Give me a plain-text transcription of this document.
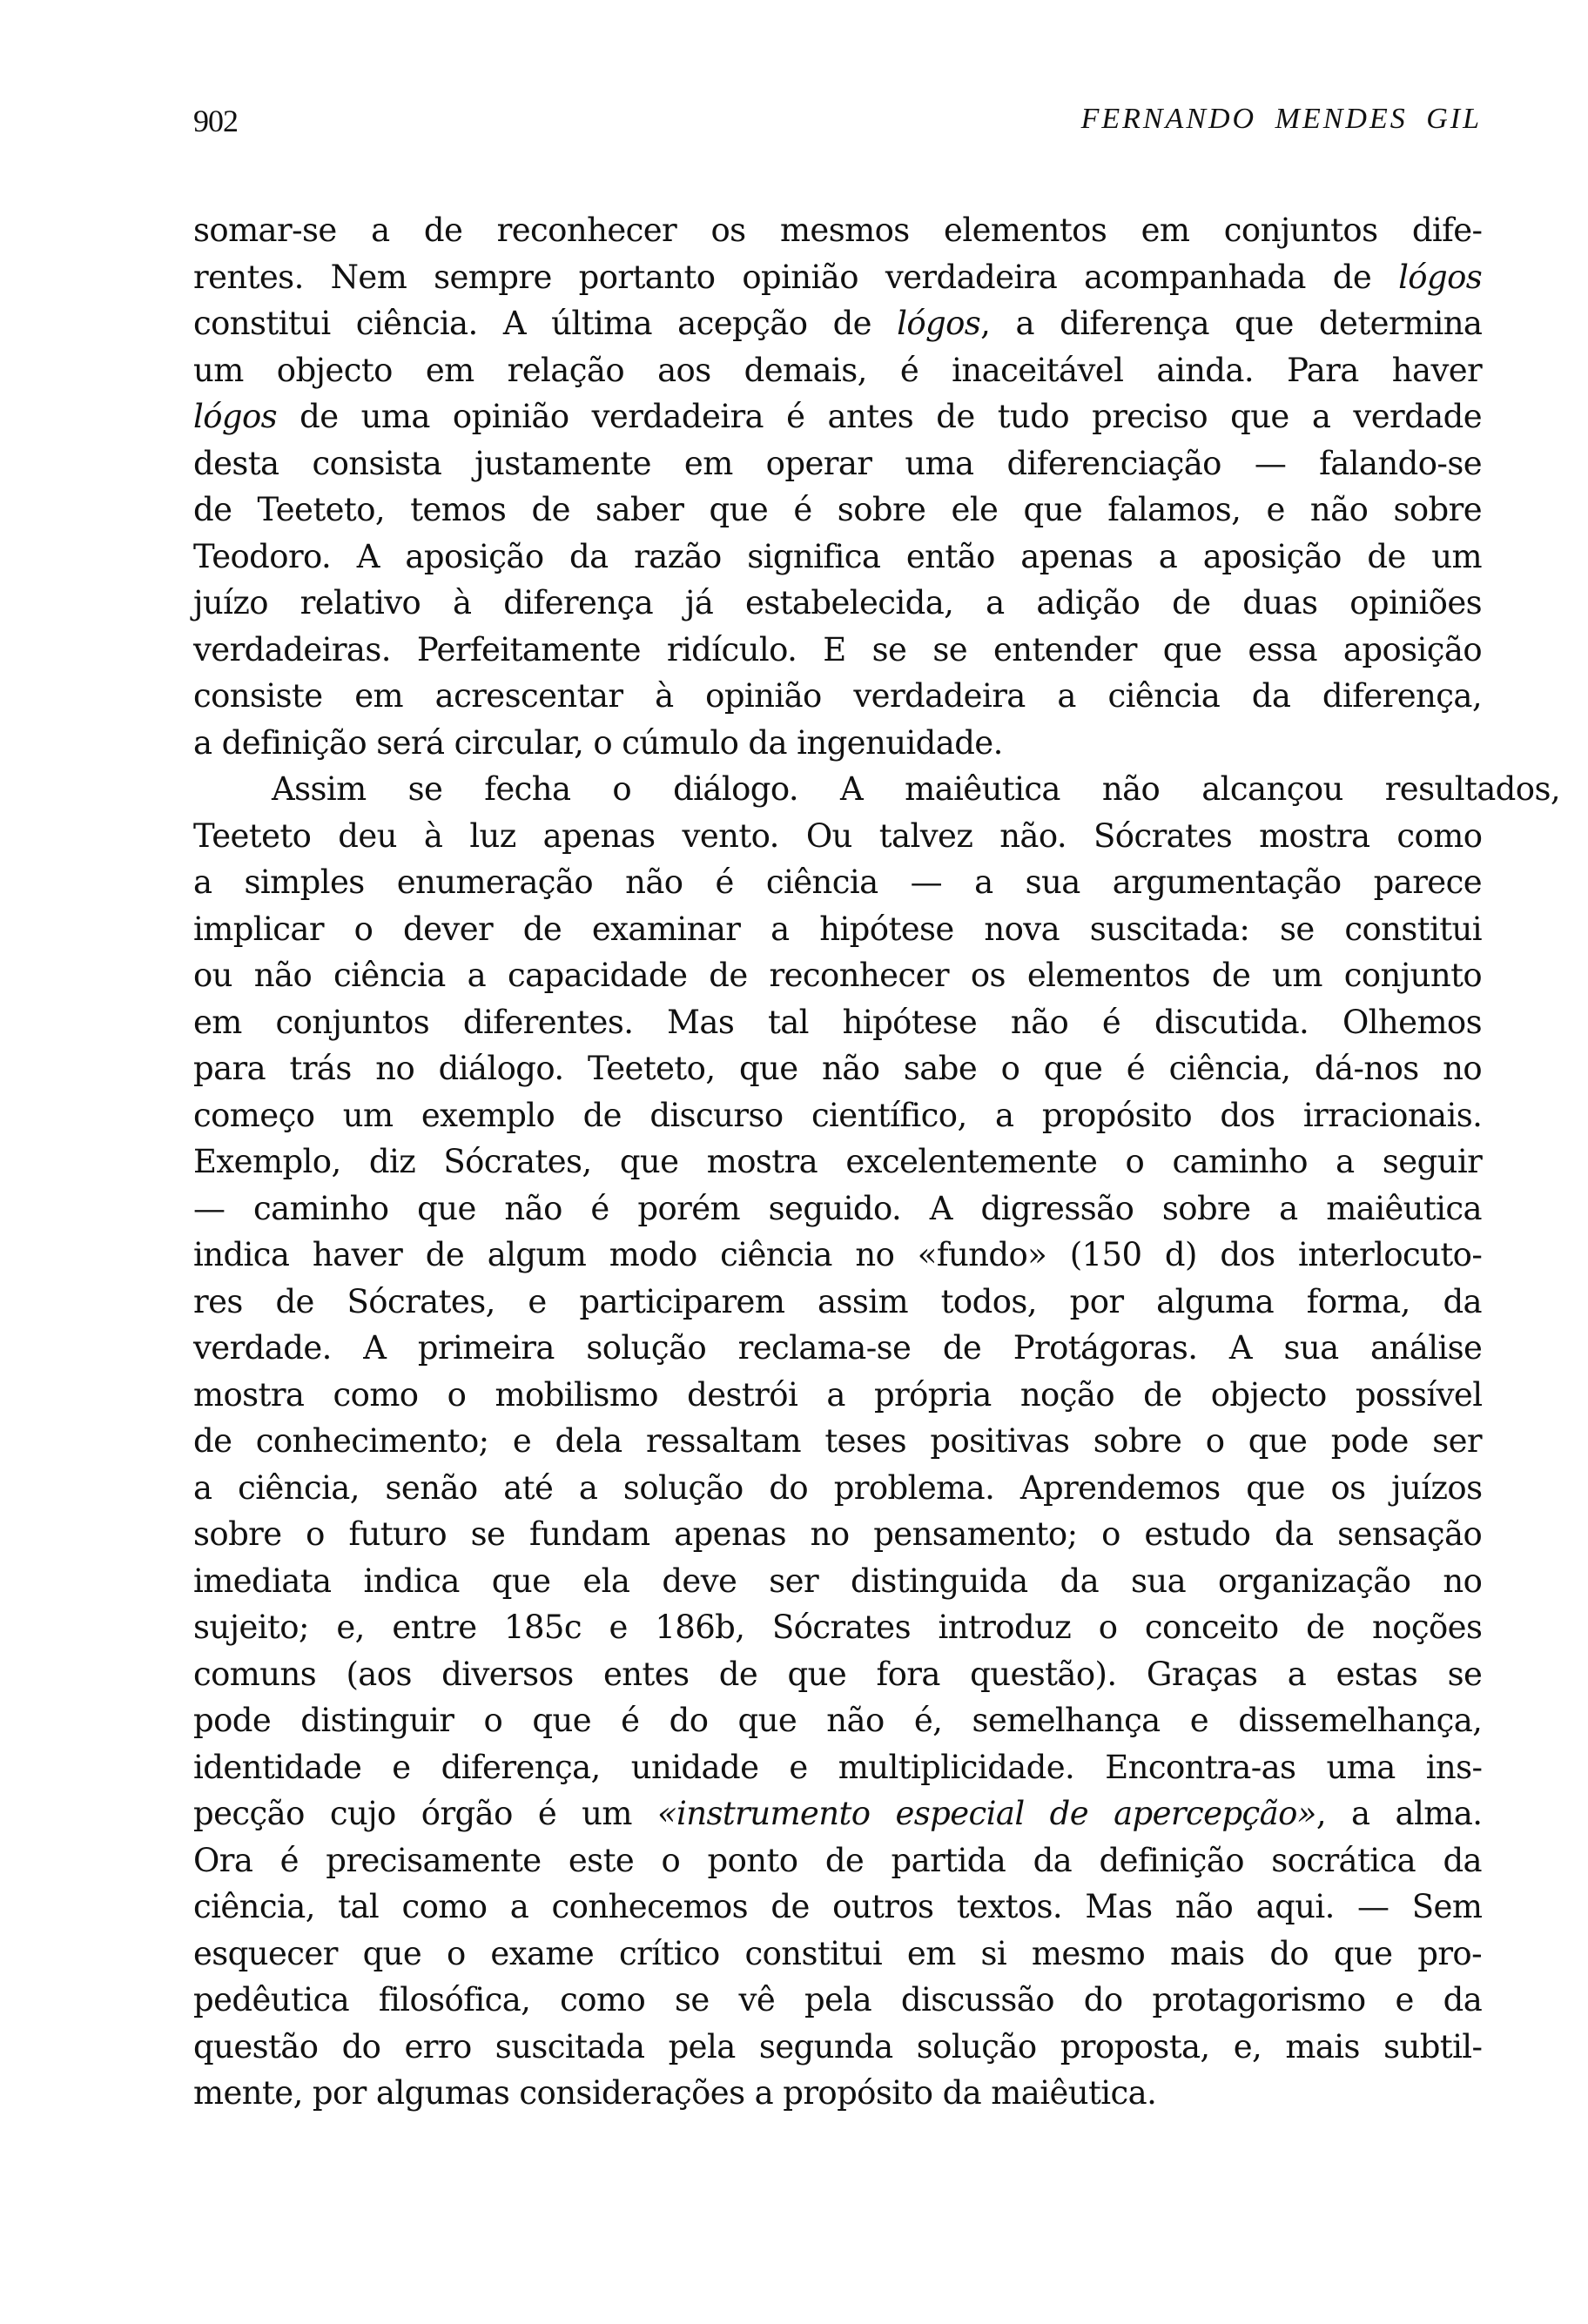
902	FERNANDO MENDES GIL
somar-se a de reconhecer os mesmos elementos em conjuntos dife-
rentes. Nem sempre portanto opinião verdadeira acompanhada de lógos
constitui ciência. A última acepção de lógos, a diferença que determina
um objecto em relação aos demais, é inaceitável ainda. Para haver
lógos de uma opinião verdadeira é antes de tudo preciso que a verdade
desta consista justamente em operar uma diferenciação — falando-se
de Teeteto, temos de saber que é sobre ele que falamos, e não sobre
Teodoro. A aposição da razão significa então apenas a aposição de um
juízo relativo à diferença já estabelecida, a adição de duas opiniões
verdadeiras. Perfeitamente ridículo. E se se entender que essa aposição
consiste em acrescentar à opinião verdadeira a ciência da diferença,
a definição será circular, o cúmulo da ingenuidade.
Assim se fecha o diálogo. A maiêutica não alcançou resultados,
Teeteto deu à luz apenas vento. Ou talvez não. Sócrates mostra como
a simples enumeração não é ciência — a sua argumentação parece
implicar o dever de examinar a hipótese nova suscitada: se constitui
ou não ciência a capacidade de reconhecer os elementos de um conjunto
em conjuntos diferentes. Mas tal hipótese não é discutida. Olhemos
para trás no diálogo. Teeteto, que não sabe o que é ciência, dá-nos no
começo um exemplo de discurso científico, a propósito dos irracionais.
Exemplo, diz Sócrates, que mostra excelentemente o caminho a seguir
— caminho que não é porém seguido. A digressão sobre a maiêutica
indica haver de algum modo ciência no «fundo» (150 d) dos interlocuto-
res de Sócrates, e participarem assim todos, por alguma forma, da
verdade. A primeira solução reclama-se de Protágoras. A sua análise
mostra como o mobilismo destrói a própria noção de objecto possível
de conhecimento; e dela ressaltam teses positivas sobre o que pode ser
a ciência, senão até a solução do problema. Aprendemos que os juízos
sobre o futuro se fundam apenas no pensamento; o estudo da sensação
imediata indica que ela deve ser distinguida da sua organização no
sujeito; e, entre 185c e 186b, Sócrates introduz o conceito de noções
comuns (aos diversos entes de que fora questão). Graças a estas se
pode distinguir o que é do que não é, semelhança e dissemelhança,
identidade e diferença, unidade e multiplicidade. Encontra-as uma ins-
pecção cujo órgão é um «instrumento especial de apercepção», a alma.
Ora é precisamente este o ponto de partida da definição socrática da
ciência, tal como a conhecemos de outros textos. Mas não aqui. — Sem
esquecer que o exame crítico constitui em si mesmo mais do que pro-
pedêutica filosófica, como se vê pela discussão do protagorismo e da
questão do erro suscitada pela segunda solução proposta, e, mais subtil-
mente, por algumas considerações a propósito da maiêutica.
